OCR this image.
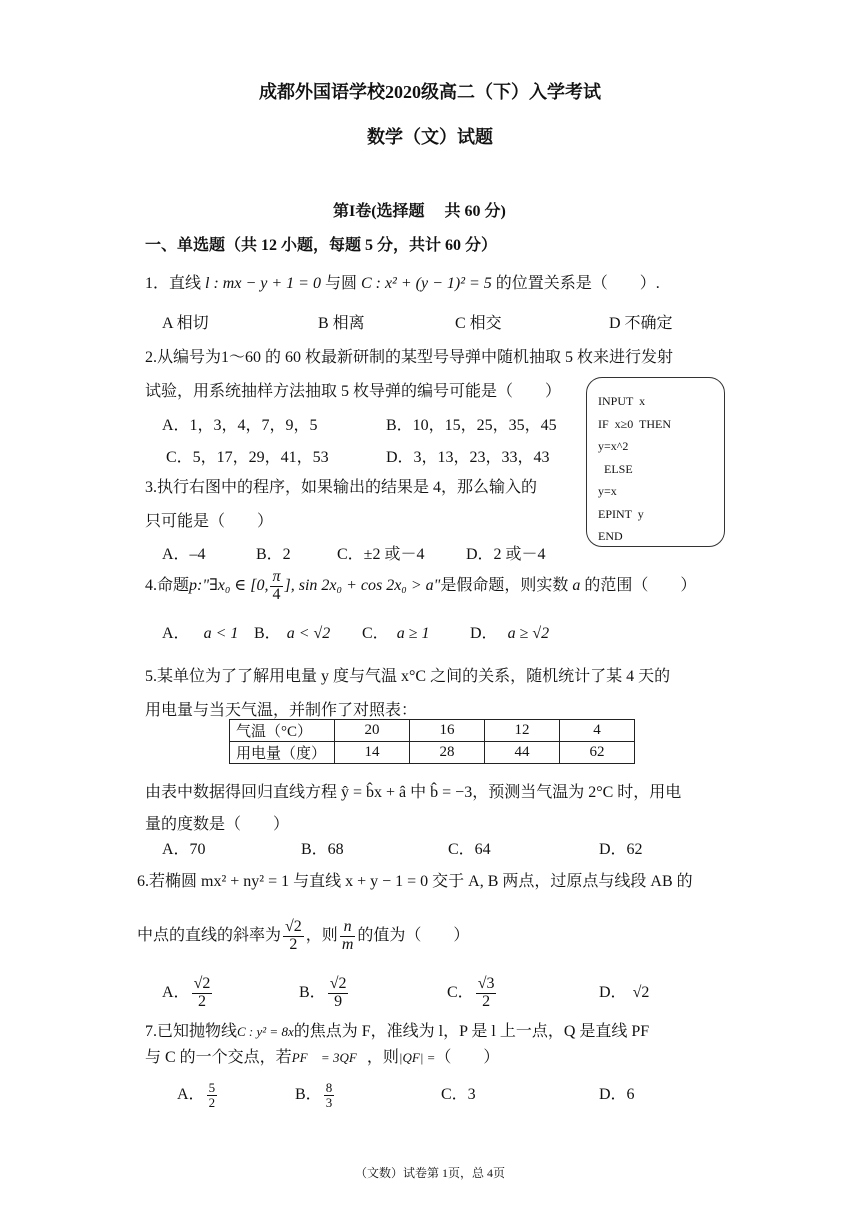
成都外国语学校2020级高二（下）入学考试
数学（文）试题
第I卷(选择题　 共 60 分)
一、单选题（共 12 小题，每题 5 分，共计 60 分）
1．直线 l : mx − y + 1 = 0 与圆 C : x² + (y − 1)² = 5 的位置关系是（　　）.
A 相切	B 相离	C 相交	D 不确定
2.从编号为1～60 的 60 枚最新研制的某型号导弹中随机抽取 5 枚来进行发射
试验，用系统抽样方法抽取 5 枚导弹的编号可能是（　　）
A．1，3，4，7，9，5	B．10，15，25，35，45
C．5，17，29，41，53	D．3，13，23，33，43
INPUT  x
IF  x≥0  THEN
y=x^2
ELSE
y=x
EPINT  y
END
3.执行右图中的程序，如果输出的结果是 4，那么输入的
只可能是（　　）
A．–4	B．2	C．±2 或－4	D．2 或－4
4.命题p:"∃x₀ ∈ [0, $\frac{\pi}{4}$ ], sin 2x₀ + cos 2x₀ > a"是假命题，则实数 a 的范围（　　）
A． a < 1 B． a < √2 C． a ≥ 1	D． a ≥ √2
5.某单位为了了解用电量 y 度与气温 x°C 之间的关系，随机统计了某 4 天的
用电量与当天气温，并制作了对照表：
气温（°C）	20	16	12	4
用电量（度）	14	28	44	62
由表中数据得回归直线方程 ŷ = b̂x + â 中 b̂ = −3，预测当气温为 2°C 时，用电
量的度数是（　　）
A．70	B．68	C．64	D．62
6.若椭圆 mx² + ny² = 1 与直线 x + y − 1 = 0 交于 A, B 两点，过原点与线段 AB 的
中点的直线的斜率为 $\frac{√2}{2}$ ，则 $\frac{n}{m}$ 的值为（　　）
A． $\frac{√2}{2}$	B． $\frac{√2}{9}$	C． $\frac{√3}{2}$	D． √2
7.已知抛物线C : y² = 8x的焦点为 F，准线为 l，P 是 l 上一点，Q 是直线 PF
与 C 的一个交点，若PF⃗ = 3QF⃗，则|QF| =（　　）
A． $\frac{5}{2}$	B． $\frac{8}{3}$	C．3	D．6
（文数）试卷第 1页，总 4页
